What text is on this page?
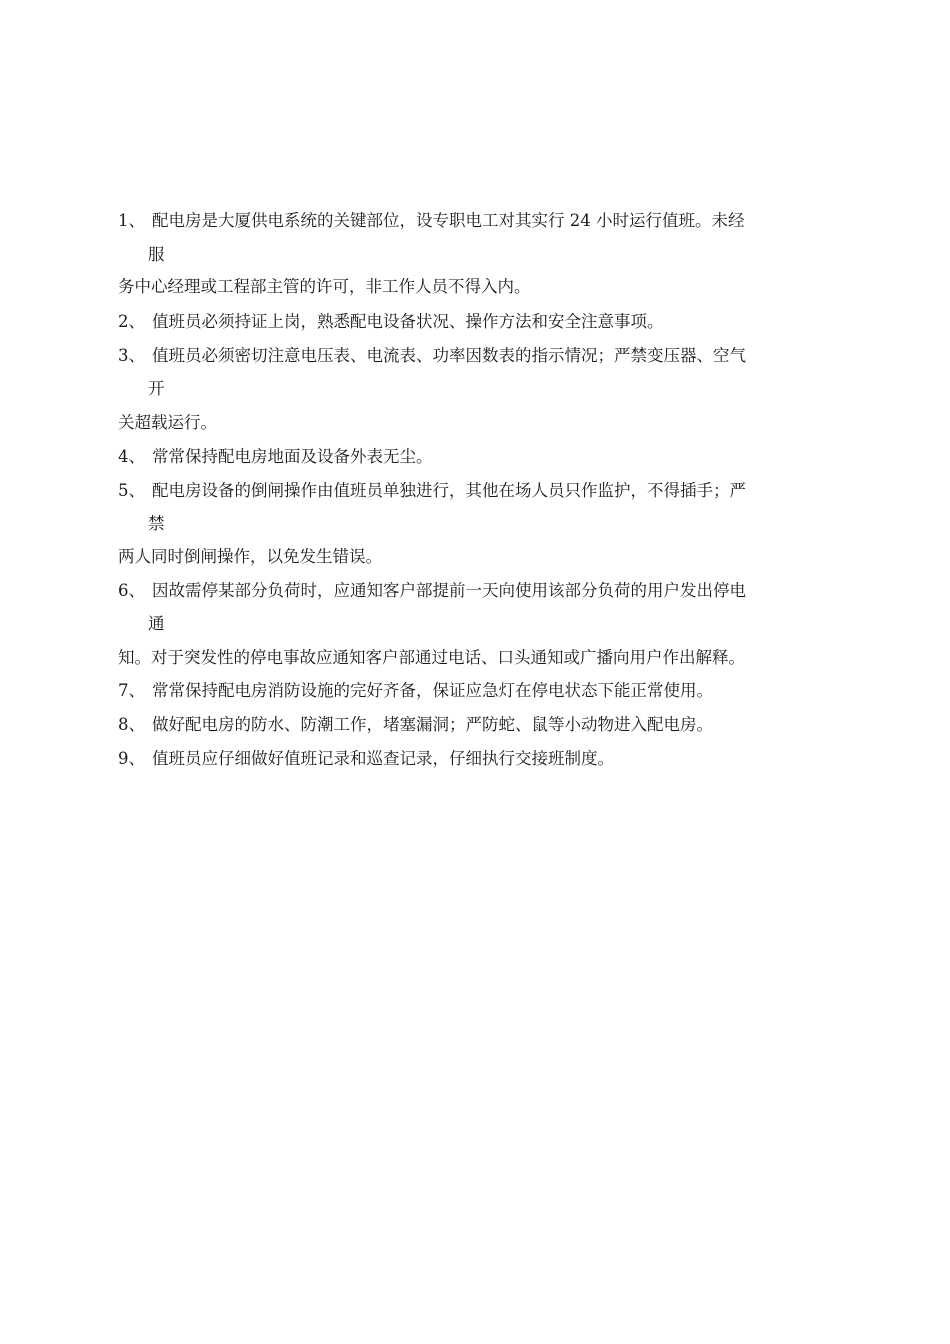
1、 配电房是大厦供电系统的关键部位，设专职电工对其实行 24 小时运行值班。未经
服
务中心经理或工程部主管的许可，非工作人员不得入内。
2、 值班员必须持证上岗，熟悉配电设备状况、操作方法和安全注意事项。
3、 值班员必须密切注意电压表、电流表、功率因数表的指示情况；严禁变压器、空气
开
关超载运行。
4、 常常保持配电房地面及设备外表无尘。
5、 配电房设备的倒闸操作由值班员单独进行，其他在场人员只作监护，不得插手；严
禁
两人同时倒闸操作，以免发生错误。
6、 因故需停某部分负荷时，应通知客户部提前一天向使用该部分负荷的用户发出停电
通
知。对于突发性的停电事故应通知客户部通过电话、口头通知或广播向用户作出解释。
7、 常常保持配电房消防设施的完好齐备，保证应急灯在停电状态下能正常使用。
8、 做好配电房的防水、防潮工作，堵塞漏洞；严防蛇、鼠等小动物进入配电房。
9、 值班员应仔细做好值班记录和巡查记录，仔细执行交接班制度。
